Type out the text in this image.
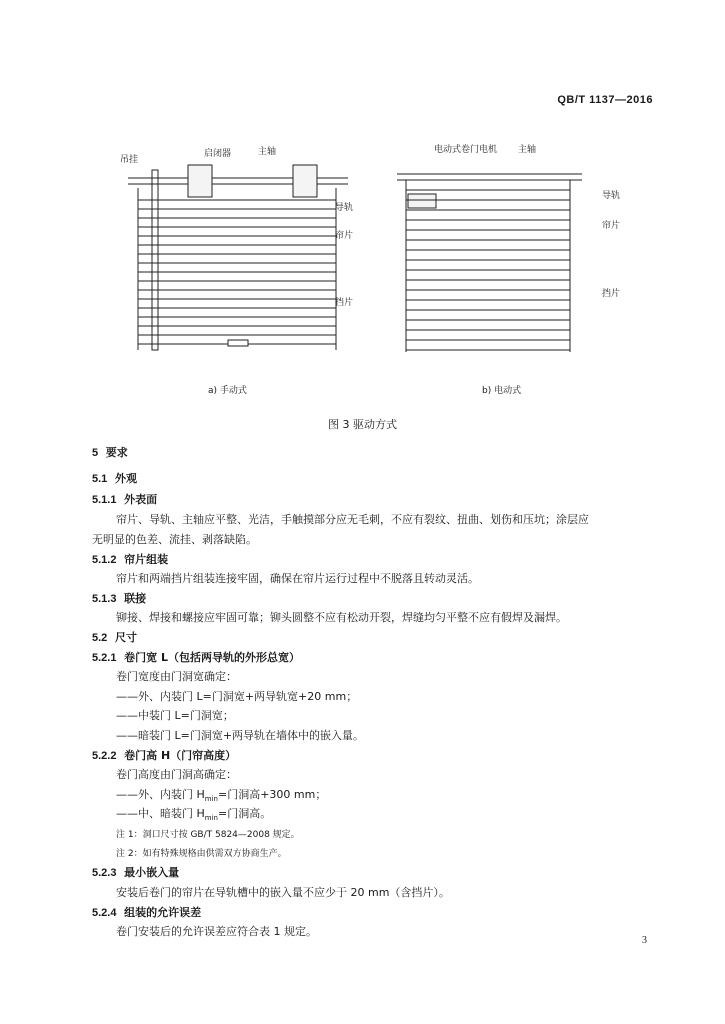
QB/T 1137—2016
吊挂
启闭器	主轴
导轨
帘片
挡片
a) 手动式
电动式卷门电机 主轴
导轨
帘片
挡片
b) 电动式
图 3 驱动方式
5 要求
5.1 外观
5.1.1 外表面
帘片、导轨、主轴应平整、光洁，手触摸部分应无毛刺，不应有裂纹、扭曲、划伤和压坑；涂层应
无明显的色差、流挂、剥落缺陷。
5.1.2 帘片组装
帘片和两端挡片组装连接牢固，确保在帘片运行过程中不脱落且转动灵活。
5.1.3 联接
铆接、焊接和螺接应牢固可靠；铆头圆整不应有松动开裂，焊缝均匀平整不应有假焊及漏焊。
5.2 尺寸
5.2.1 卷门宽 L（包括两导轨的外形总宽）
卷门宽度由门洞宽确定：
——外、内装门 L=门洞宽+两导轨宽+20 mm；
——中装门 L=门洞宽；
——暗装门 L=门洞宽+两导轨在墙体中的嵌入量。
5.2.2 卷门高 H（门帘高度）
卷门高度由门洞高确定：
——外、内装门 $H_{min}=$门洞高+300 mm；
——中、暗装门 $H_{min}=$门洞高。
注 1：洞口尺寸按 GB/T 5824—2008 规定。
注 2：如有特殊规格由供需双方协商生产。
5.2.3 最小嵌入量
安装后卷门的帘片在导轨槽中的嵌入量不应少于 20 mm（含挡片）。
5.2.4 组装的允许误差
卷门安装后的允许误差应符合表 1 规定。
3
